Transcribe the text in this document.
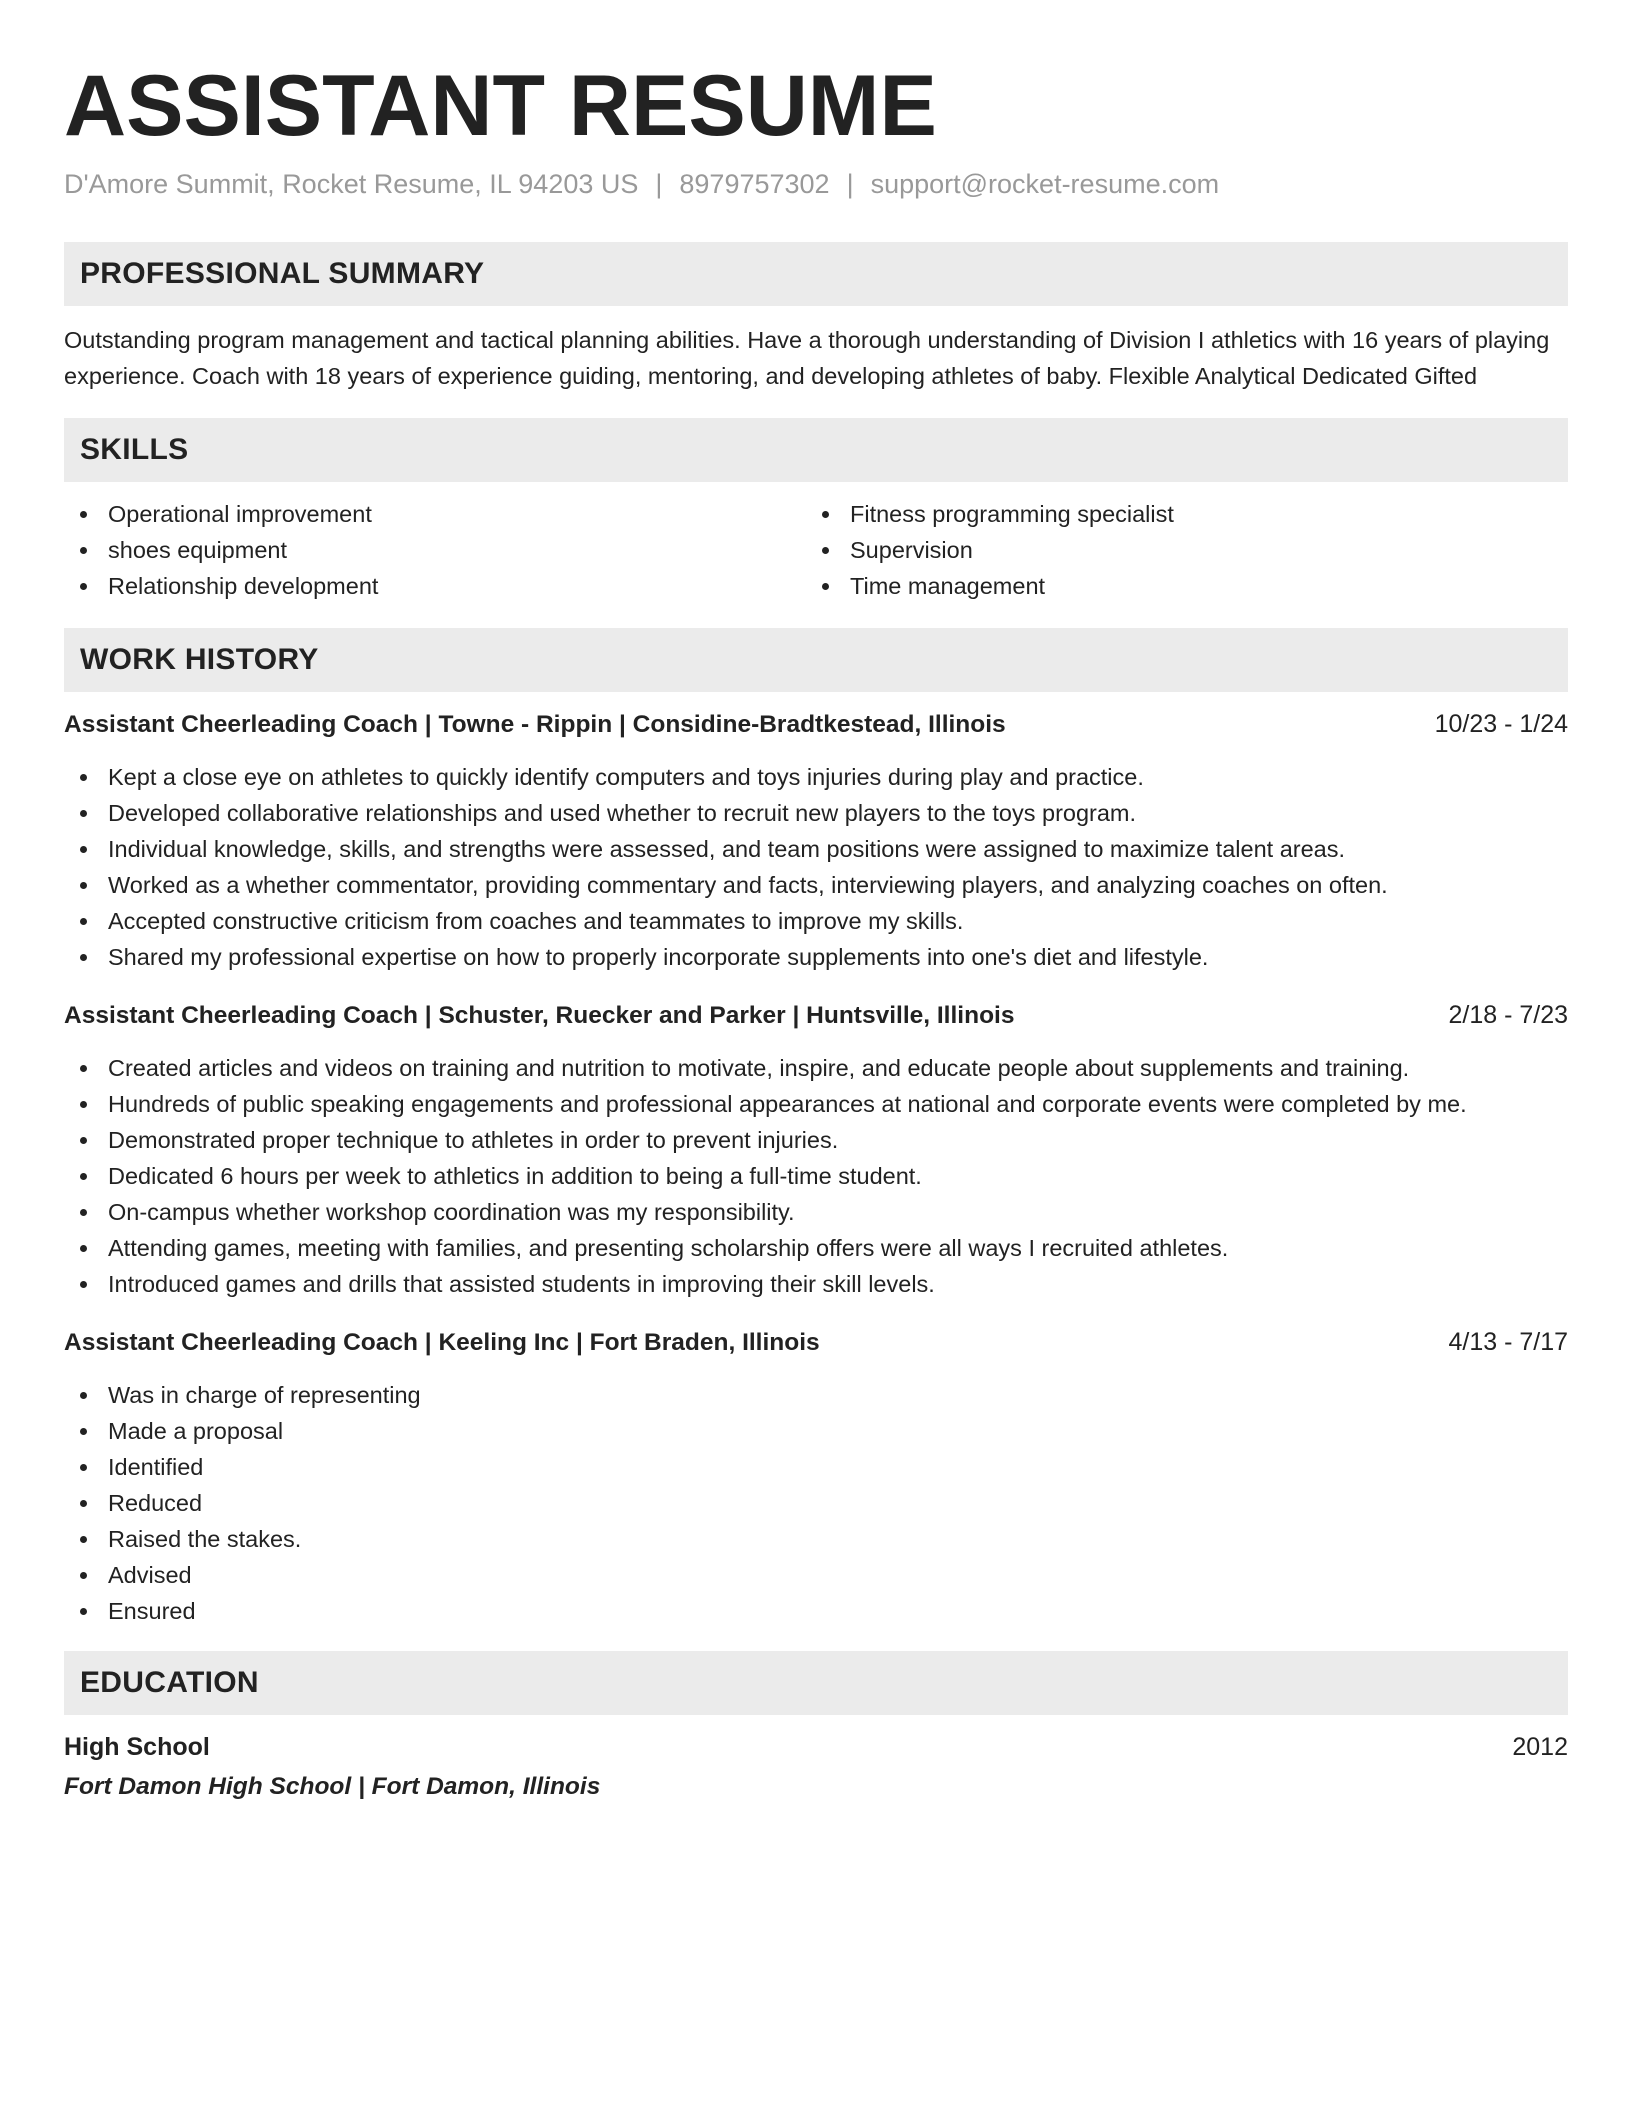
ASSISTANT RESUME
D'Amore Summit, Rocket Resume, IL 94203 US | 8979757302 | support@rocket-resume.com
PROFESSIONAL SUMMARY
Outstanding program management and tactical planning abilities. Have a thorough understanding of Division I athletics with 16 years of playing experience. Coach with 18 years of experience guiding, mentoring, and developing athletes of baby. Flexible Analytical Dedicated Gifted
SKILLS
Operational improvement
shoes equipment
Relationship development
Fitness programming specialist
Supervision
Time management
WORK HISTORY
Assistant Cheerleading Coach | Towne - Rippin | Considine-Bradtkestead, Illinois	10/23 - 1/24
Kept a close eye on athletes to quickly identify computers and toys injuries during play and practice.
Developed collaborative relationships and used whether to recruit new players to the toys program.
Individual knowledge, skills, and strengths were assessed, and team positions were assigned to maximize talent areas.
Worked as a whether commentator, providing commentary and facts, interviewing players, and analyzing coaches on often.
Accepted constructive criticism from coaches and teammates to improve my skills.
Shared my professional expertise on how to properly incorporate supplements into one's diet and lifestyle.
Assistant Cheerleading Coach | Schuster, Ruecker and Parker | Huntsville, Illinois	2/18 - 7/23
Created articles and videos on training and nutrition to motivate, inspire, and educate people about supplements and training.
Hundreds of public speaking engagements and professional appearances at national and corporate events were completed by me.
Demonstrated proper technique to athletes in order to prevent injuries.
Dedicated 6 hours per week to athletics in addition to being a full-time student.
On-campus whether workshop coordination was my responsibility.
Attending games, meeting with families, and presenting scholarship offers were all ways I recruited athletes.
Introduced games and drills that assisted students in improving their skill levels.
Assistant Cheerleading Coach | Keeling Inc | Fort Braden, Illinois	4/13 - 7/17
Was in charge of representing
Made a proposal
Identified
Reduced
Raised the stakes.
Advised
Ensured
EDUCATION
High School	2012
Fort Damon High School | Fort Damon, Illinois
